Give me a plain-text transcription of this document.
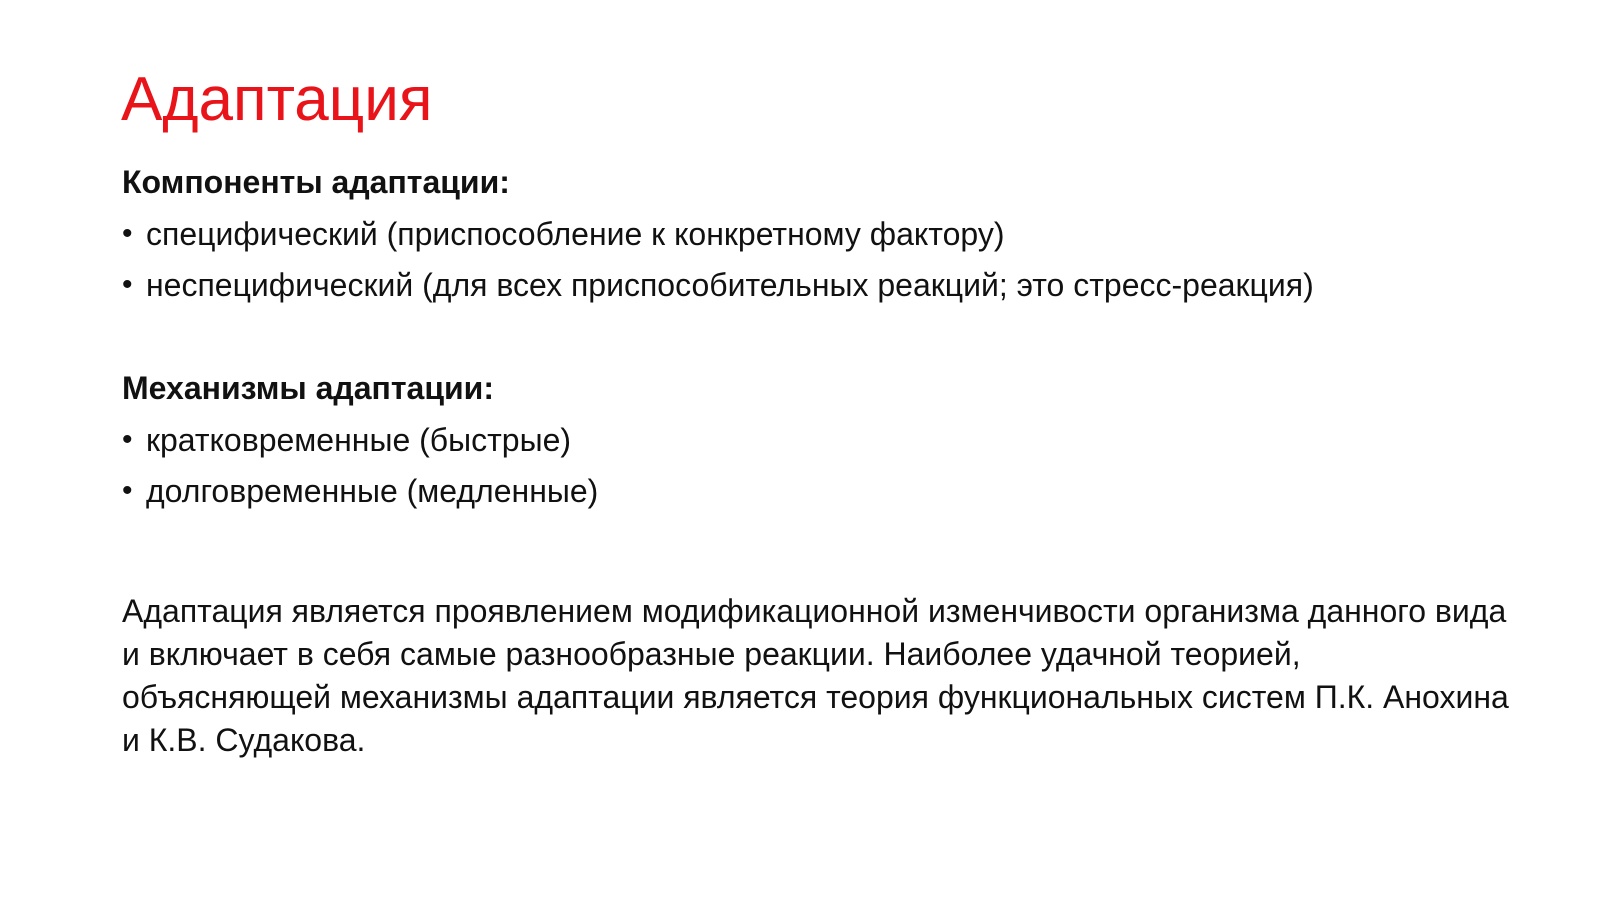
Адаптация
Компоненты адаптации:
• специфический (приспособление к конкретному фактору)
• неспецифический (для всех приспособительных реакций; это стресс-реакция)
Механизмы адаптации:
• кратковременные (быстрые)
• долговременные (медленные)

Адаптация является проявлением модификационной изменчивости организма данного вида и включает в себя самые разнообразные реакции. Наиболее удачной теорией, объясняющей механизмы адаптации является теория функциональных систем П.К. Анохина и К.В. Судакова.
